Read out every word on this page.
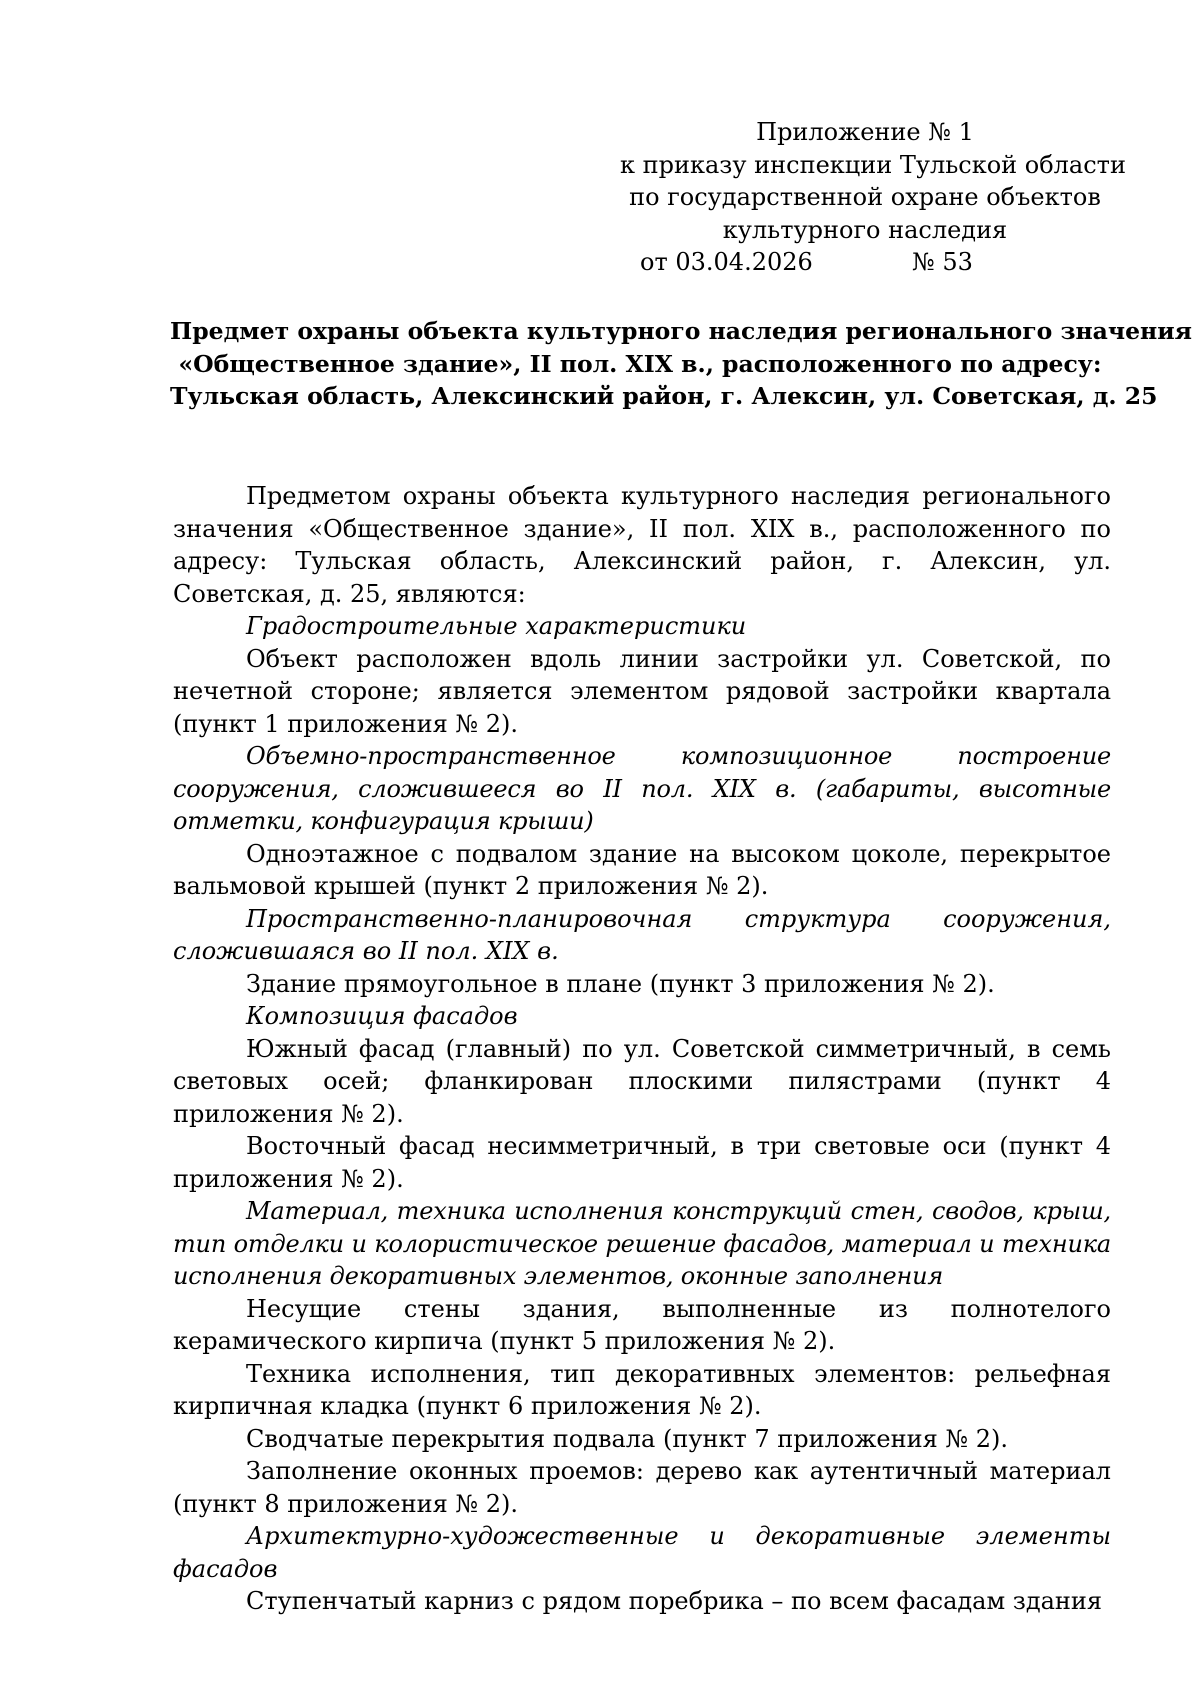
Приложение № 1
к приказу инспекции Тульской области
по государственной охране объектов
культурного наследия
от 03.04.2026	№ 53
Предмет охраны объекта культурного наследия регионального значения
«Общественное здание», II пол. XIX в., расположенного по адресу:
Тульская область, Алексинский район, г. Алексин, ул. Советская, д. 25

Предметом охраны объекта культурного наследия регионального значения «Общественное здание», II пол. XIX в., расположенного по адресу: Тульская область, Алексинский район, г. Алексин, ул. Советская, д. 25, являются:

Градостроительные характеристики

Объект расположен вдоль линии застройки ул. Советской, по нечетной стороне; является элементом рядовой застройки квартала (пункт 1 приложения № 2).

Объемно-пространственное композиционное построение сооружения, сложившееся во II пол. XIX в. (габариты, высотные отметки, конфигурация крыши)

Одноэтажное с подвалом здание на высоком цоколе, перекрытое вальмовой крышей (пункт 2 приложения № 2).

Пространственно-планировочная структура сооружения, сложившаяся во II пол. XIX в.

Здание прямоугольное в плане (пункт 3 приложения № 2).

Композиция фасадов

Южный фасад (главный) по ул. Советской симметричный, в семь световых осей; фланкирован плоскими пилястрами (пункт 4 приложения № 2).

Восточный фасад несимметричный, в три световые оси (пункт 4 приложения № 2).

Материал, техника исполнения конструкций стен, сводов, крыш, тип отделки и колористическое решение фасадов, материал и техника исполнения декоративных элементов, оконные заполнения

Несущие стены здания, выполненные из полнотелого керамического кирпича (пункт 5 приложения № 2).

Техника исполнения, тип декоративных элементов: рельефная кирпичная кладка (пункт 6 приложения № 2).

Сводчатые перекрытия подвала (пункт 7 приложения № 2).

Заполнение оконных проемов: дерево как аутентичный материал (пункт 8 приложения № 2).

Архитектурно-художественные и декоративные элементы фасадов

Ступенчатый карниз с рядом поребрика – по всем фасадам здания
